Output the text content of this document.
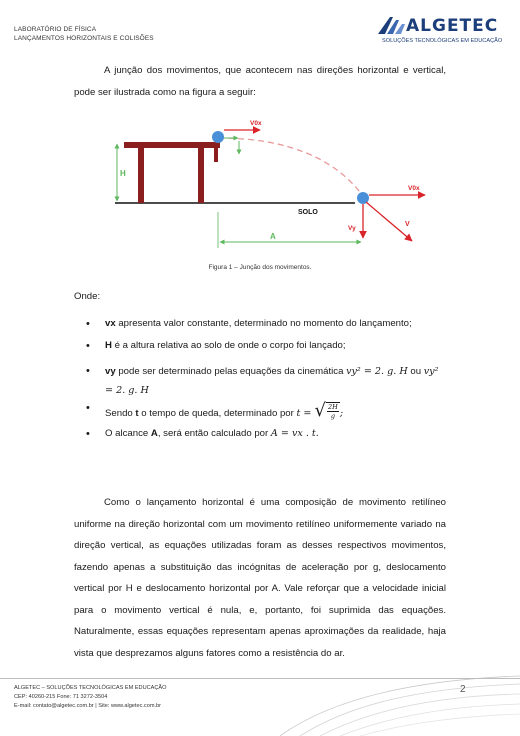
LABORATÓRIO DE FÍSICA
LANÇAMENTOS HORIZONTAIS E COLISÕES
ALGETEC
SOLUÇÕES TECNOLÓGICAS EM EDUCAÇÃO

A junção dos movimentos, que acontecem nas direções horizontal e vertical, pode ser ilustrada como na figura a seguir:

H
V0x
V0x
V
Vy
SOLO
A
Figura 1 – Junção dos movimentos.
Onde:
• vx apresenta valor constante, determinado no momento do lançamento;
• H é a altura relativa ao solo de onde o corpo foi lançado;
• vy pode ser determinado pelas equações da cinemática vy² = 2. g. H ou vy² = 2. g. H
• Sendo t o tempo de queda, determinado por t = √ $\frac{2H}{g}$ ;
• O alcance A, será então calculado por A = vx . t.

Como o lançamento horizontal é uma composição de movimento retilíneo uniforme na direção horizontal com um movimento retilíneo uniformemente variado na direção vertical, as equações utilizadas foram as desses respectivos movimentos, fazendo apenas a substituição das incógnitas de aceleração por g, deslocamento vertical por H e deslocamento horizontal por A. Vale reforçar que a velocidade inicial para o movimento vertical é nula, e, portanto, foi suprimida das equações. Naturalmente, essas equações representam apenas aproximações da realidade, haja vista que desprezamos alguns fatores como a resistência do ar.

ALGETEC – SOLUÇÕES TECNOLÓGICAS EM EDUCAÇÃO
CEP: 40260-215 Fone: 71 3272-3504
E-mail: contato@algetec.com.br | Site: www.algetec.com.br
2
